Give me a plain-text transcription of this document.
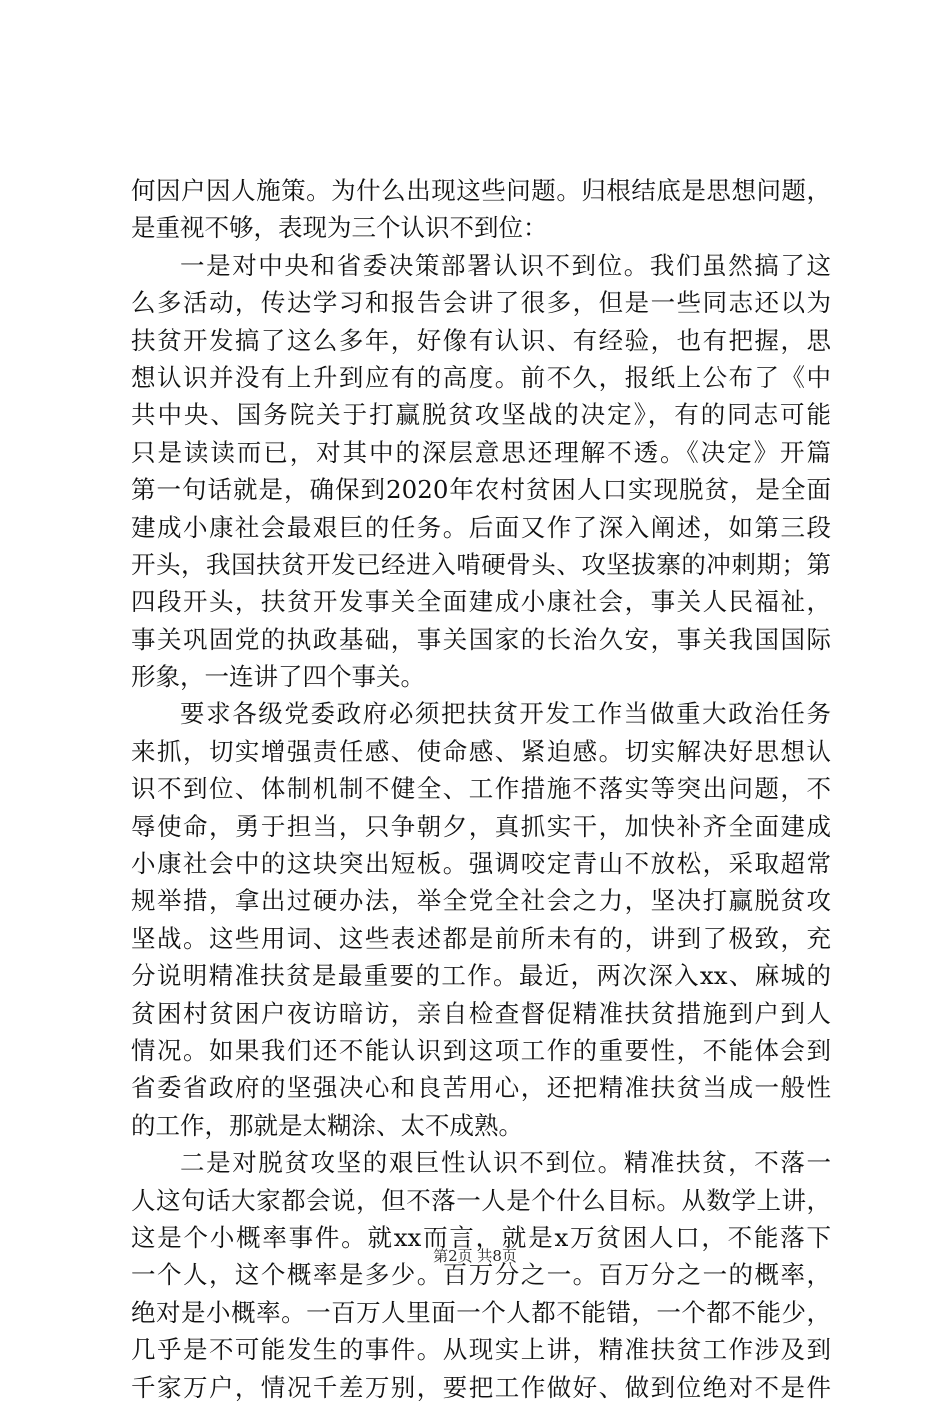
何因户因人施策。为什么出现这些问题。归根结底是思想问题，
是重视不够，表现为三个认识不到位：
一是对中央和省委决策部署认识不到位。我们虽然搞了这
么多活动，传达学习和报告会讲了很多，但是一些同志还以为
扶贫开发搞了这么多年，好像有认识、有经验，也有把握，思
想认识并没有上升到应有的高度。前不久，报纸上公布了《中
共中央、国务院关于打赢脱贫攻坚战的决定》，有的同志可能
只是读读而已，对其中的深层意思还理解不透。《决定》开篇
第一句话就是，确保到2020年农村贫困人口实现脱贫，是全面
建成小康社会最艰巨的任务。后面又作了深入阐述，如第三段
开头，我国扶贫开发已经进入啃硬骨头、攻坚拔寨的冲刺期；第
四段开头，扶贫开发事关全面建成小康社会，事关人民福祉，
事关巩固党的执政基础，事关国家的长治久安，事关我国国际
形象，一连讲了四个事关。
要求各级党委政府必须把扶贫开发工作当做重大政治任务
来抓，切实增强责任感、使命感、紧迫感。切实解决好思想认
识不到位、体制机制不健全、工作措施不落实等突出问题，不
辱使命，勇于担当，只争朝夕，真抓实干，加快补齐全面建成
小康社会中的这块突出短板。强调咬定青山不放松，采取超常
规举措，拿出过硬办法，举全党全社会之力，坚决打赢脱贫攻
坚战。这些用词、这些表述都是前所未有的，讲到了极致，充
分说明精准扶贫是最重要的工作。最近，两次深入xx、麻城的
贫困村贫困户夜访暗访，亲自检查督促精准扶贫措施到户到人
情况。如果我们还不能认识到这项工作的重要性，不能体会到
省委省政府的坚强决心和良苦用心，还把精准扶贫当成一般性
的工作，那就是太糊涂、太不成熟。
二是对脱贫攻坚的艰巨性认识不到位。精准扶贫，不落一
人这句话大家都会说，但不落一人是个什么目标。从数学上讲，
这是个小概率事件。就xx而言，就是x万贫困人口，不能落下
一个人，这个概率是多少。百万分之一。百万分之一的概率，
绝对是小概率。一百万人里面一个人都不能错，一个都不能少，
几乎是不可能发生的事件。从现实上讲，精准扶贫工作涉及到
千家万户，情况千差万别，要把工作做好、做到位绝对不是件
第2页 共8页
